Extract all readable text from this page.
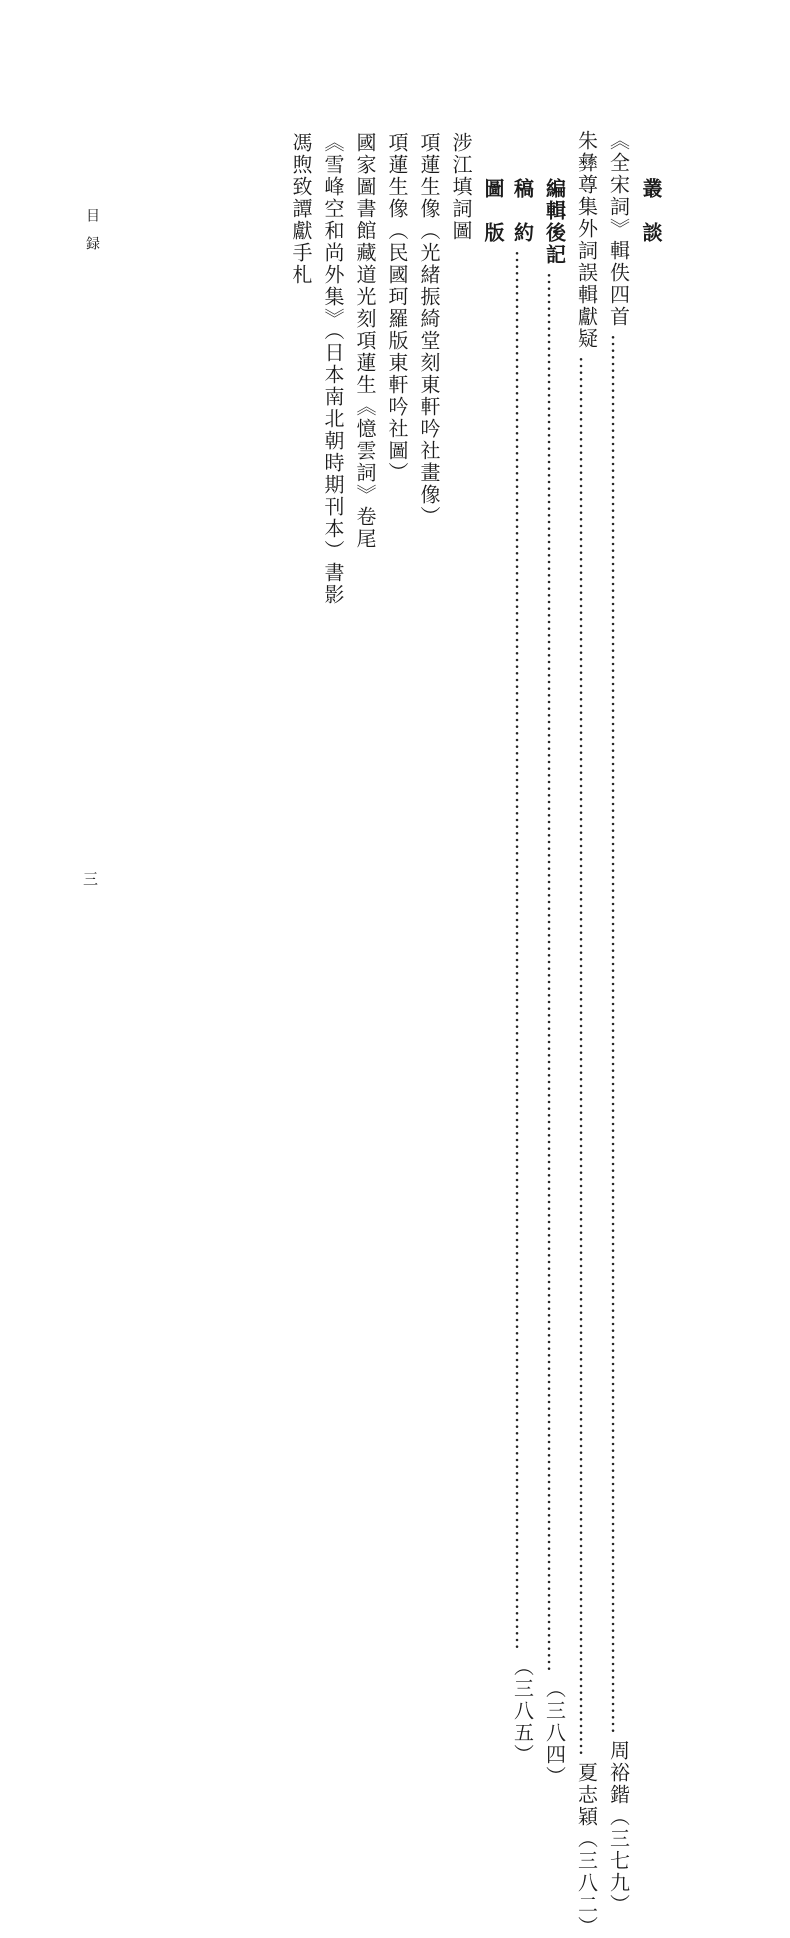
叢　談
《全宋詞》輯佚四首
…………………………………………………………………………………………………………………………………………………………………………………………
周裕鍇
（三七九）
朱彝尊集外詞誤輯獻疑
…………………………………………………………………………………………………………………………………………………………………………………………
夏志穎
（三八二）
編輯後記
…………………………………………………………………………………………………………………………………………………………………………………………
（三八四）
稿　約
…………………………………………………………………………………………………………………………………………………………………………………………
（三八五）
圖　版
涉江填詞圖
項蓮生像（光緒振綺堂刻東軒吟社畫像）
項蓮生像（民國珂羅版東軒吟社圖）
國家圖書館藏道光刻項蓮生《憶雲詞》卷尾
《雪峰空和尚外集》（日本南北朝時期刊本）書影
馮煦致譚獻手札
目録
三
